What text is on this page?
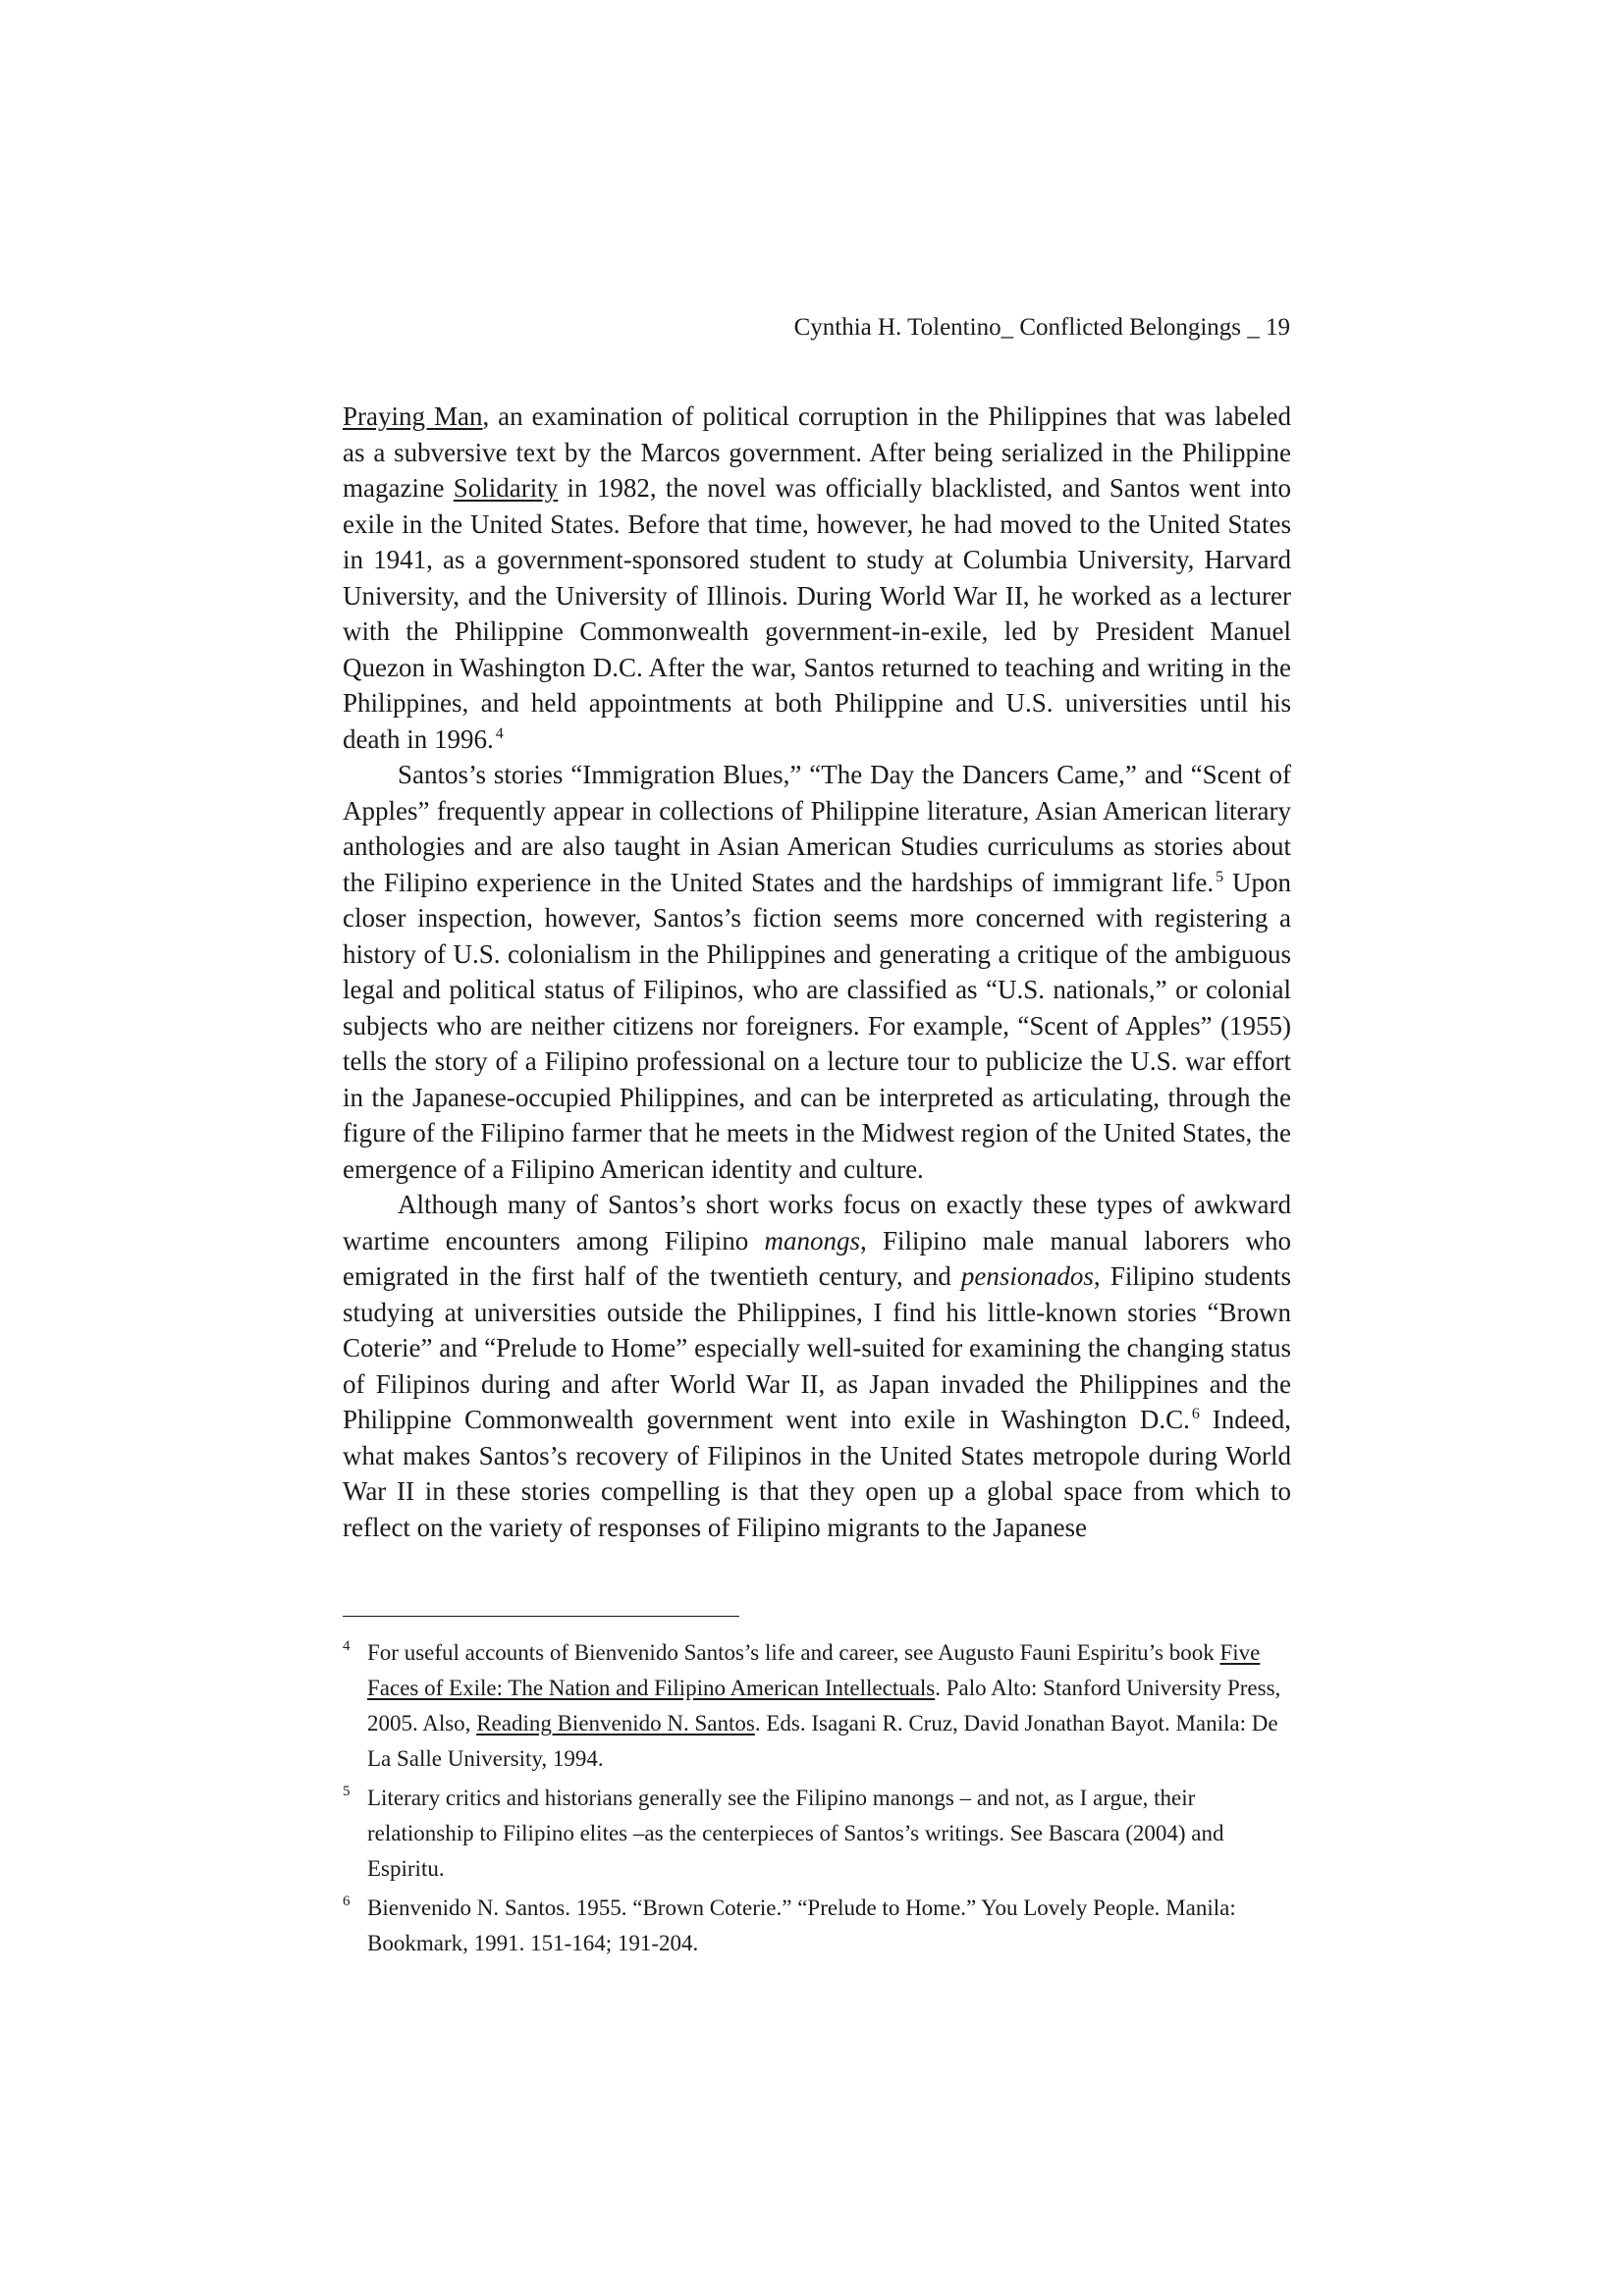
Cynthia H. Tolentino_ Conflicted Belongings _ 19

Praying Man, an examination of political corruption in the Philippines that was labeled as a subversive text by the Marcos government. After being serialized in the Philippine magazine Solidarity in 1982, the novel was officially blacklisted, and Santos went into exile in the United States. Before that time, however, he had moved to the United States in 1941, as a government-sponsored student to study at Columbia University, Harvard University, and the University of Illinois. During World War II, he worked as a lecturer with the Philippine Commonwealth government-in-exile, led by President Manuel Quezon in Washington D.C. After the war, Santos returned to teaching and writing in the Philippines, and held appointments at both Philippine and U.S. universities until his death in 1996. $^4$

Santos’s stories “Immigration Blues,” “The Day the Dancers Came,” and “Scent of Apples” frequently appear in collections of Philippine literature, Asian American literary anthologies and are also taught in Asian American Studies curriculums as stories about the Filipino experience in the United States and the hardships of immigrant life. $^5$ Upon closer inspection, however, Santos’s fiction seems more concerned with registering a history of U.S. colonialism in the Philippines and generating a critique of the ambiguous legal and political status of Filipinos, who are classified as “U.S. nationals,” or colonial subjects who are neither citizens nor foreigners. For example, “Scent of Apples” (1955) tells the story of a Filipino professional on a lecture tour to publicize the U.S. war effort in the Japanese-occupied Philippines, and can be interpreted as articulating, through the figure of the Filipino farmer that he meets in the Midwest region of the United States, the emergence of a Filipino American identity and culture.

Although many of Santos’s short works focus on exactly these types of awkward wartime encounters among Filipino manongs, Filipino male manual laborers who emigrated in the first half of the twentieth century, and pensionados, Filipino students studying at universities outside the Philippines, I find his little-known stories “Brown Coterie” and “Prelude to Home” especially well-suited for examining the changing status of Filipinos during and after World War II, as Japan invaded the Philippines and the Philippine Commonwealth government went into exile in Washington D.C. $^6$ Indeed, what makes Santos’s recovery of Filipinos in the United States metropole during World War II in these stories compelling is that they open up a global space from which to reflect on the variety of responses of Filipino migrants to the Japanese

4 For useful accounts of Bienvenido Santos’s life and career, see Augusto Fauni Espiritu’s book Five Faces of Exile: The Nation and Filipino American Intellectuals. Palo Alto: Stanford University Press, 2005. Also, Reading Bienvenido N. Santos. Eds. Isagani R. Cruz, David Jonathan Bayot. Manila: De La Salle University, 1994.
5 Literary critics and historians generally see the Filipino manongs – and not, as I argue, their relationship to Filipino elites –as the centerpieces of Santos’s writings. See Bascara (2004) and Espiritu.
6 Bienvenido N. Santos. 1955. “Brown Coterie.” “Prelude to Home.” You Lovely People. Manila: Bookmark, 1991. 151-164; 191-204.
